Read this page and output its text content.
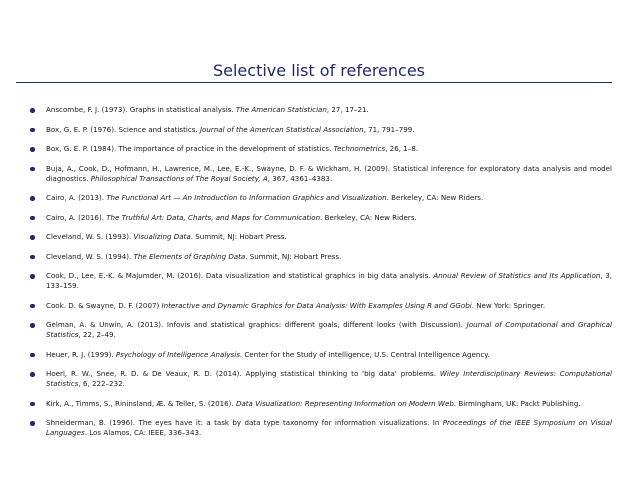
Selective list of references
Anscombe, F. J. (1973). Graphs in statistical analysis. The American Statistician, 27, 17–21.
Box, G. E. P. (1976). Science and statistics. Journal of the American Statistical Association, 71, 791–799.
Box, G. E. P. (1984). The importance of practice in the development of statistics. Technometrics, 26, 1–8.
Buja, A., Cook, D., Hofmann, H., Lawrence, M., Lee, E.-K., Swayne, D. F. & Wickham, H. (2009). Statistical inference for exploratory data analysis and model diagnostics. Philosophical Transactions of The Royal Society, A, 367, 4361–4383.
Cairo, A. (2013). The Functional Art — An Introduction to Information Graphics and Visualization. Berkeley, CA: New Riders.
Cairo, A. (2016). The Truthful Art: Data, Charts, and Maps for Communication. Berkeley, CA: New Riders.
Cleveland, W. S. (1993). Visualizing Data. Summit, NJ: Hobart Press.
Cleveland, W. S. (1994). The Elements of Graphing Data. Summit, NJ: Hobart Press.
Cook, D., Lee, E.-K. & Majumder, M. (2016). Data visualization and statistical graphics in big data analysis. Annual Review of Statistics and Its Application, 3, 133–159.
Cook. D. & Swayne, D. F. (2007) Interactive and Dynamic Graphics for Data Analysis: With Examples Using R and GGobi. New York: Springer.
Gelman, A. & Unwin, A. (2013). Infovis and statistical graphics: different goals, different looks (with Discussion). Journal of Computational and Graphical Statistics, 22, 2–49.
Heuer, R. J. (1999). Psychology of Intelligence Analysis. Center for the Study of Intelligence, U.S. Central Intelligence Agency.
Hoerl, R. W., Snee, R. D. & De Veaux, R. D. (2014). Applying statistical thinking to 'big data' problems. Wiley Interdisciplinary Reviews: Computational Statistics, 6, 222–232.
Kirk, A., Timms, S., Rininsland, Æ. & Teller, S. (2016). Data Visualization: Representing Information on Modern Web. Birmingham, UK: Packt Publishing.
Shneiderman, B. (1996). The eyes have it: a task by data type taxonomy for information visualizations. In Proceedings of the IEEE Symposium on Visual Languages. Los Alamos, CA: IEEE, 336–343.
